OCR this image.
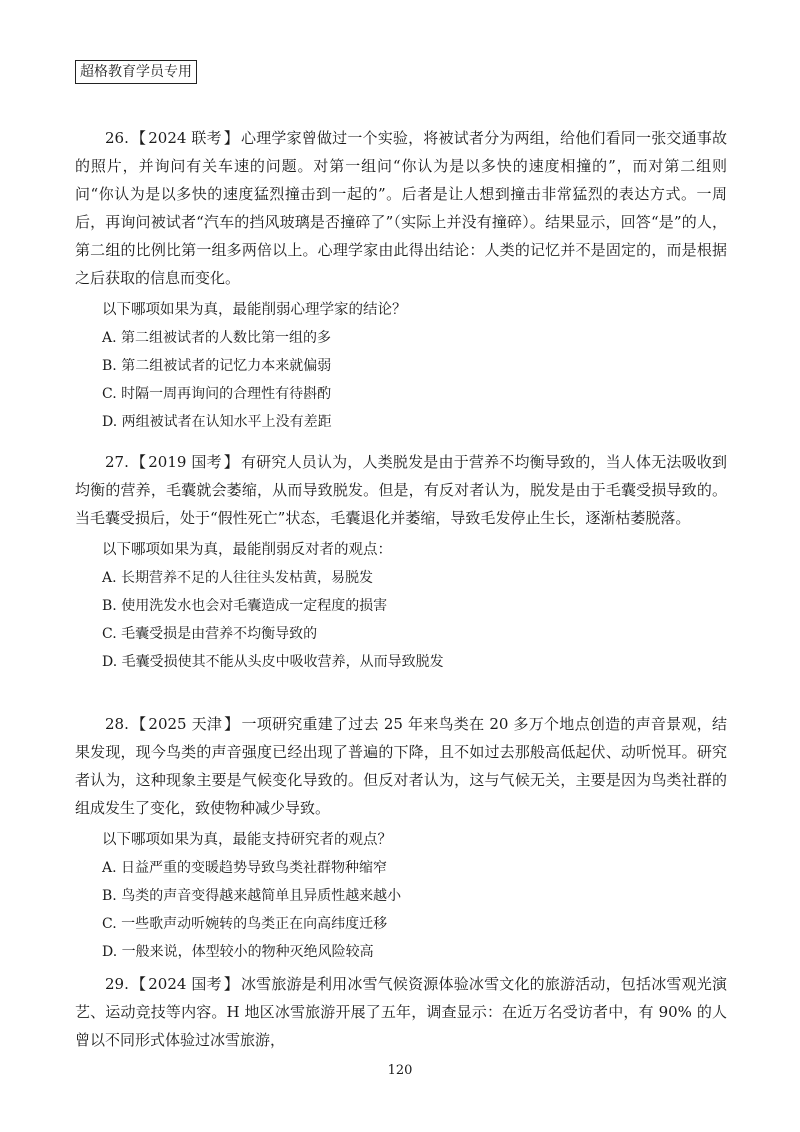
超格教育学员专用

26. 【 2024 联考 】 心理学家曾做过一个实验，将被试者分为两组，给他们看同一张交通事故的照片，并询问有关车速的问题。对第一组问“你认为是以多快的速度相撞的”，而对第二组则问“你认为是以多快的速度猛烈撞击到一起的”。后者是让人想到撞击非常猛烈的表达方式。一周后，再询问被试者“汽车的挡风玻璃是否撞碎了”（实际上并没有撞碎）。结果显示，回答“是”的人，第二组的比例比第一组多两倍以上。心理学家由此得出结论：人类的记忆并不是固定的，而是根据之后获取的信息而变化。

以下哪项如果为真，最能削弱心理学家的结论？

A. 第二组被试者的人数比第一组的多

B. 第二组被试者的记忆力本来就偏弱

C. 时隔一周再询问的合理性有待斟酌

D. 两组被试者在认知水平上没有差距

27. 【 2019 国考 】 有研究人员认为，人类脱发是由于营养不均衡导致的，当人体无法吸收到均衡的营养，毛囊就会萎缩，从而导致脱发。但是，有反对者认为，脱发是由于毛囊受损导致的。当毛囊受损后，处于“假性死亡”状态，毛囊退化并萎缩，导致毛发停止生长，逐渐枯萎脱落。

以下哪项如果为真，最能削弱反对者的观点：

A. 长期营养不足的人往往头发枯黄，易脱发

B. 使用洗发水也会对毛囊造成一定程度的损害

C. 毛囊受损是由营养不均衡导致的

D. 毛囊受损使其不能从头皮中吸收营养，从而导致脱发

28. 【 2025 天津 】 一项研究重建了过去 25 年来鸟类在 20 多万个地点创造的声音景观，结果发现，现今鸟类的声音强度已经出现了普遍的下降，且不如过去那般高低起伏、动听悦耳。研究者认为，这种现象主要是气候变化导致的。但反对者认为，这与气候无关，主要是因为鸟类社群的组成发生了变化，致使物种减少导致。

以下哪项如果为真，最能支持研究者的观点？

A. 日益严重的变暖趋势导致鸟类社群物种缩窄

B. 鸟类的声音变得越来越简单且异质性越来越小

C. 一些歌声动听婉转的鸟类正在向高纬度迁移

D. 一般来说，体型较小的物种灭绝风险较高

29. 【 2024 国考 】 冰雪旅游是利用冰雪气候资源体验冰雪文化的旅游活动，包括冰雪观光演艺、运动竞技等内容。H 地区冰雪旅游开展了五年，调查显示：在近万名受访者中，有 90% 的人曾以不同形式体验过冰雪旅游，

120
